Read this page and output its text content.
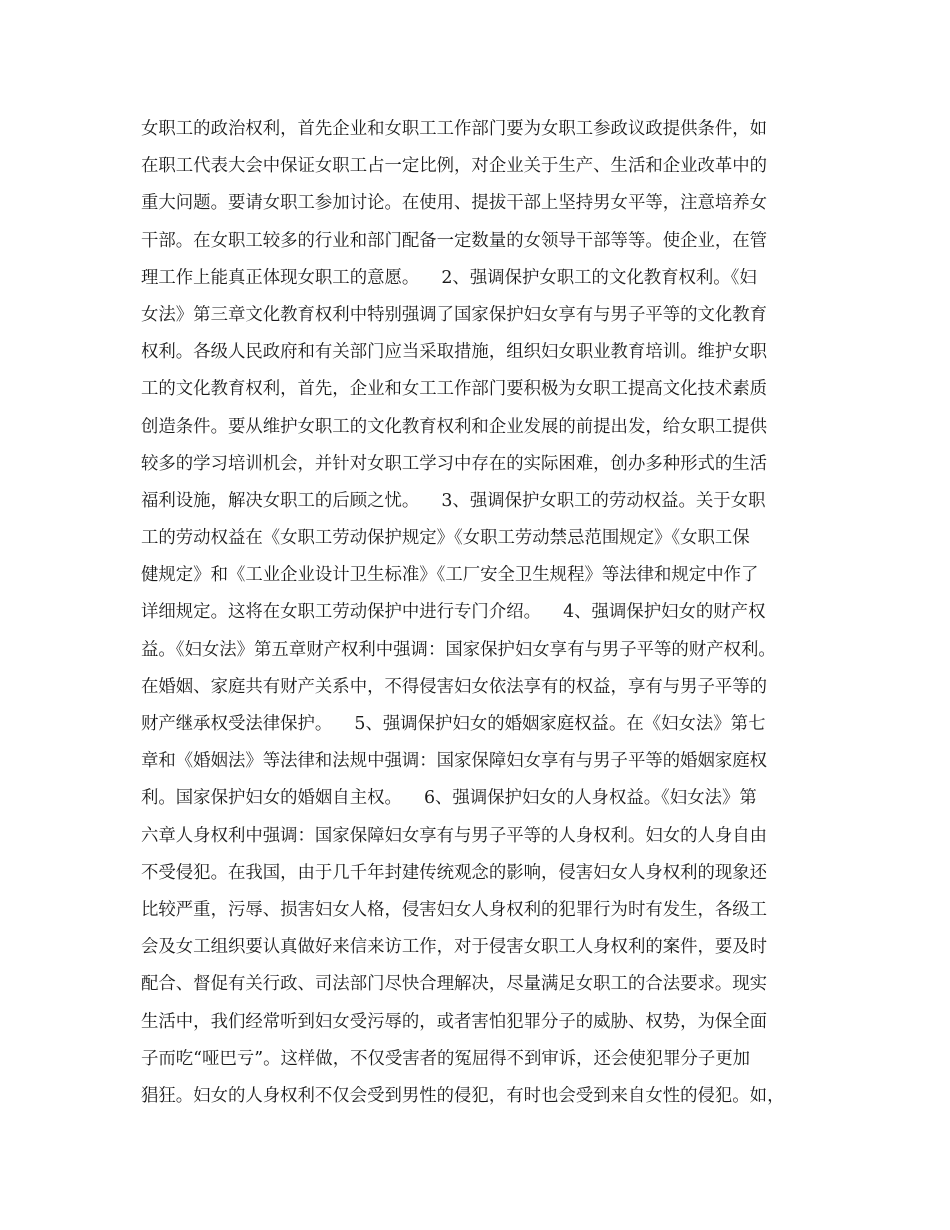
女职工的政治权利，首先企业和女职工工作部门要为女职工参政议政提供条件，如
在职工代表大会中保证女职工占一定比例，对企业关于生产、生活和企业改革中的
重大问题。要请女职工参加讨论。在使用、提拔干部上坚持男女平等，注意培养女
干部。在女职工较多的行业和部门配备一定数量的女领导干部等等。使企业，在管
理工作上能真正体现女职工的意愿。    2、强调保护女职工的文化教育权利。《妇
女法》第三章文化教育权利中特别强调了国家保护妇女享有与男子平等的文化教育
权利。各级人民政府和有关部门应当采取措施，组织妇女职业教育培训。维护女职
工的文化教育权利，首先，企业和女工工作部门要积极为女职工提高文化技术素质
创造条件。要从维护女职工的文化教育权利和企业发展的前提出发，给女职工提供
较多的学习培训机会，并针对女职工学习中存在的实际困难，创办多种形式的生活
福利设施，解决女职工的后顾之忧。    3、强调保护女职工的劳动权益。关于女职
工的劳动权益在《女职工劳动保护规定》《女职工劳动禁忌范围规定》《女职工保
健规定》和《工业企业设计卫生标准》《工厂安全卫生规程》等法律和规定中作了
详细规定。这将在女职工劳动保护中进行专门介绍。    4、强调保护妇女的财产权
益。《妇女法》第五章财产权利中强调：国家保护妇女享有与男子平等的财产权利。
在婚姻、家庭共有财产关系中，不得侵害妇女依法享有的权益，享有与男子平等的
财产继承权受法律保护。    5、强调保护妇女的婚姻家庭权益。在《妇女法》第七
章和《婚姻法》等法律和法规中强调：国家保障妇女享有与男子平等的婚姻家庭权
利。国家保护妇女的婚姻自主权。    6、强调保护妇女的人身权益。《妇女法》第
六章人身权利中强调：国家保障妇女享有与男子平等的人身权利。妇女的人身自由
不受侵犯。在我国，由于几千年封建传统观念的影响，侵害妇女人身权利的现象还
比较严重，污辱、损害妇女人格，侵害妇女人身权利的犯罪行为时有发生，各级工
会及女工组织要认真做好来信来访工作，对于侵害女职工人身权利的案件，要及时
配合、督促有关行政、司法部门尽快合理解决，尽量满足女职工的合法要求。现实
生活中，我们经常听到妇女受污辱的，或者害怕犯罪分子的威胁、权势，为保全面
子而吃“哑巴亏”。这样做，不仅受害者的冤屈得不到审诉，还会使犯罪分子更加
猖狂。妇女的人身权利不仅会受到男性的侵犯，有时也会受到来自女性的侵犯。如，
